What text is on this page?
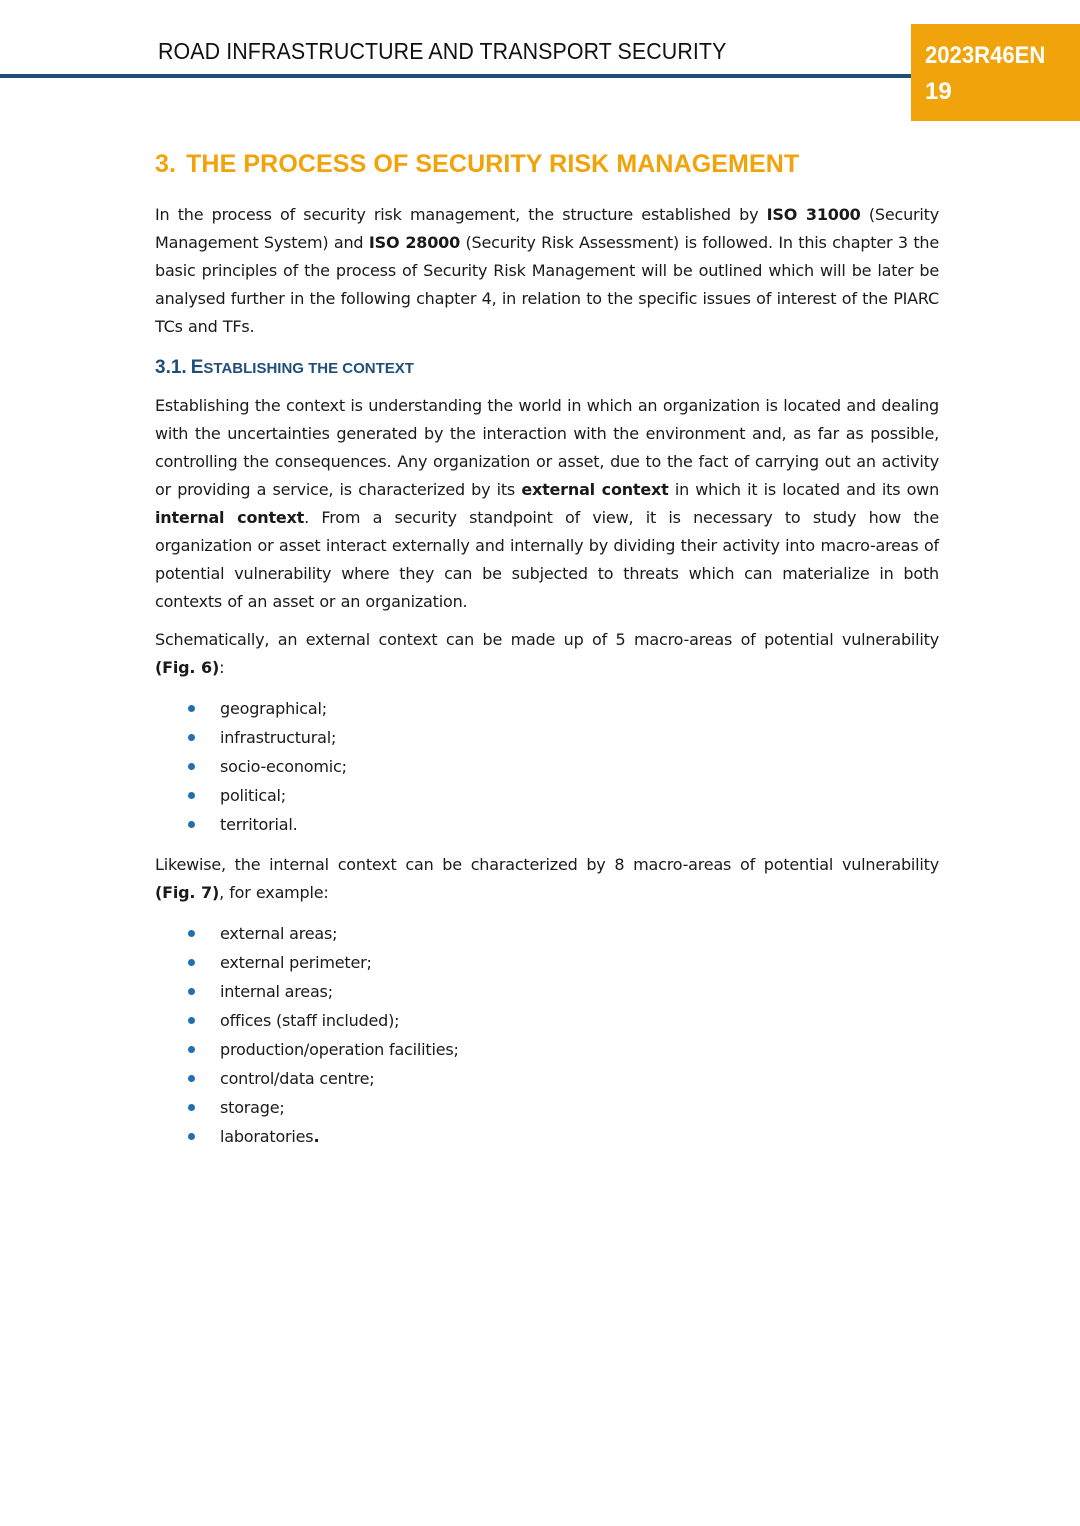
ROAD INFRASTRUCTURE AND TRANSPORT SECURITY	2023R46EN
19
3. THE PROCESS OF SECURITY RISK MANAGEMENT

In the process of security risk management, the structure established by ISO 31000 (Security Management System) and ISO 28000 (Security Risk Assessment) is followed. In this chapter 3 the basic principles of the process of Security Risk Management will be outlined which will be later be analysed further in the following chapter 4, in relation to the specific issues of interest of the PIARC TCs and TFs.

3.1. ESTABLISHING THE CONTEXT

Establishing the context is understanding the world in which an organization is located and dealing with the uncertainties generated by the interaction with the environment and, as far as possible, controlling the consequences. Any organization or asset, due to the fact of carrying out an activity or providing a service, is characterized by its external context in which it is located and its own internal context. From a security standpoint of view, it is necessary to study how the organization or asset interact externally and internally by dividing their activity into macro-areas of potential vulnerability where they can be subjected to threats which can materialize in both contexts of an asset or an organization.

Schematically, an external context can be made up of 5 macro-areas of potential vulnerability (Fig. 6):

geographical;
infrastructural;
socio-economic;
political;
territorial.

Likewise, the internal context can be characterized by 8 macro-areas of potential vulnerability (Fig. 7), for example:

external areas;
external perimeter;
internal areas;
offices (staff included);
production/operation facilities;
control/data centre;
storage;
laboratories.
